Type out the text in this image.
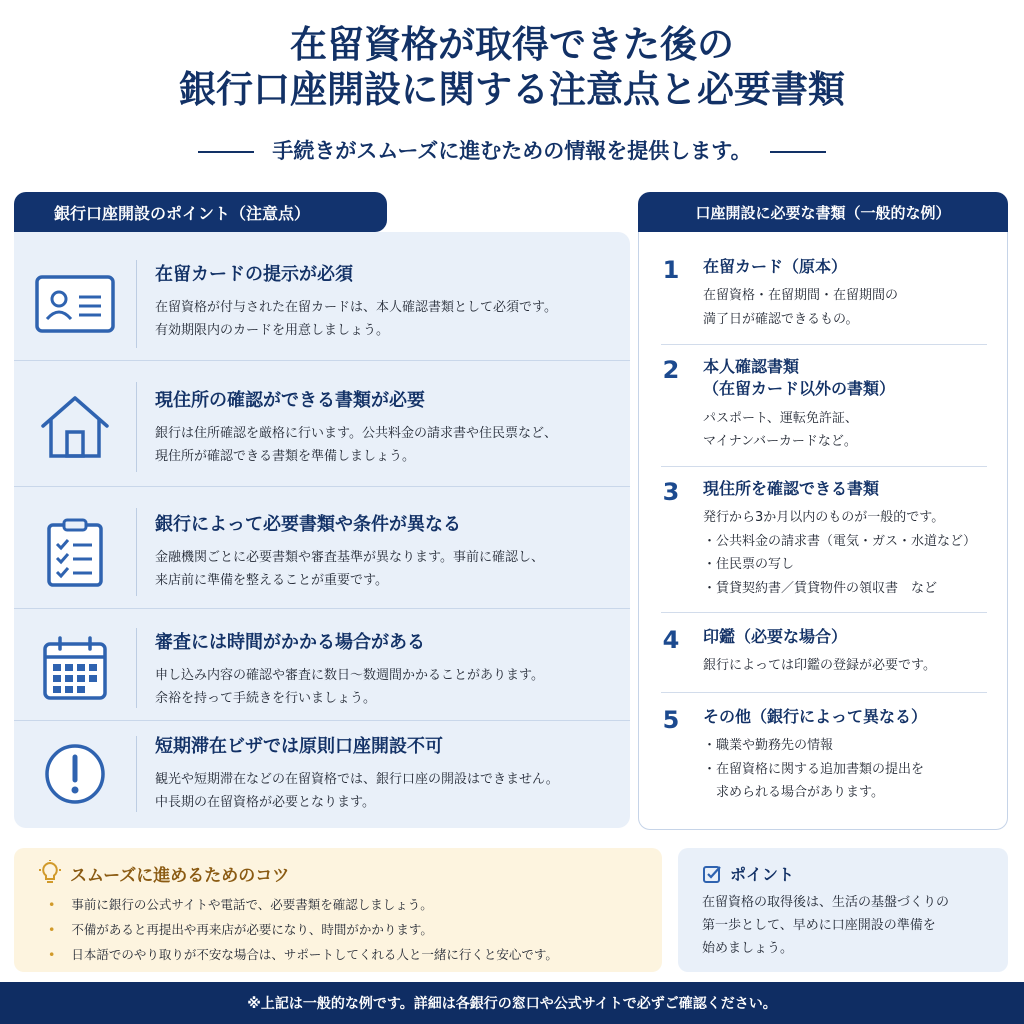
在留資格が取得できた後の
銀行口座開設に関する注意点と必要書類
手続きがスムーズに進むための情報を提供します。
銀行口座開設のポイント（注意点）
在留カードの提示が必須
在留資格が付与された在留カードは、本人確認書類として必須です。
有効期限内のカードを用意しましょう。
現住所の確認ができる書類が必要
銀行は住所確認を厳格に行います。公共料金の請求書や住民票など、
現住所が確認できる書類を準備しましょう。
銀行によって必要書類や条件が異なる
金融機関ごとに必要書類や審査基準が異なります。事前に確認し、
来店前に準備を整えることが重要です。
審査には時間がかかる場合がある
申し込み内容の確認や審査に数日〜数週間かかることがあります。
余裕を持って手続きを行いましょう。
短期滞在ビザでは原則口座開設不可
観光や短期滞在などの在留資格では、銀行口座の開設はできません。
中長期の在留資格が必要となります。
口座開設に必要な書類（一般的な例）
1	在留カード（原本）
在留資格・在留期間・在留期間の
満了日が確認できるもの。
2	本人確認書類
（在留カード以外の書類）
パスポート、運転免許証、
マイナンバーカードなど。
3	現住所を確認できる書類
発行から3か月以内のものが一般的です。
・公共料金の請求書（電気・ガス・水道など）
・住民票の写し
・賃貸契約書／賃貸物件の領収書　など
4	印鑑（必要な場合）
銀行によっては印鑑の登録が必要です。
5	その他（銀行によって異なる）
・職業や勤務先の情報
・在留資格に関する追加書類の提出を
　求められる場合があります。
スムーズに進めるためのコツ
• 事前に銀行の公式サイトや電話で、必要書類を確認しましょう。
• 不備があると再提出や再来店が必要になり、時間がかかります。
• 日本語でのやり取りが不安な場合は、サポートしてくれる人と一緒に行くと安心です。
ポイント
在留資格の取得後は、生活の基盤づくりの
第一歩として、早めに口座開設の準備を
始めましょう。
※上記は一般的な例です。詳細は各銀行の窓口や公式サイトで必ずご確認ください。
